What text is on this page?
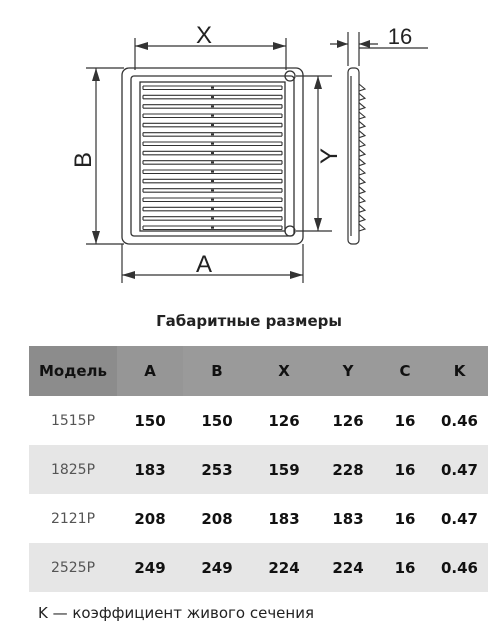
X
A
B	Y
16
Габаритные размеры
Модель	A	B	X	Y	C	K
1515P	150	150	126	126	16	0.46
1825P	183	253	159	228	16	0.47
2121P	208	208	183	183	16	0.47
2525P	249	249	224	224	16	0.46
K — коэффициент живого сечения
